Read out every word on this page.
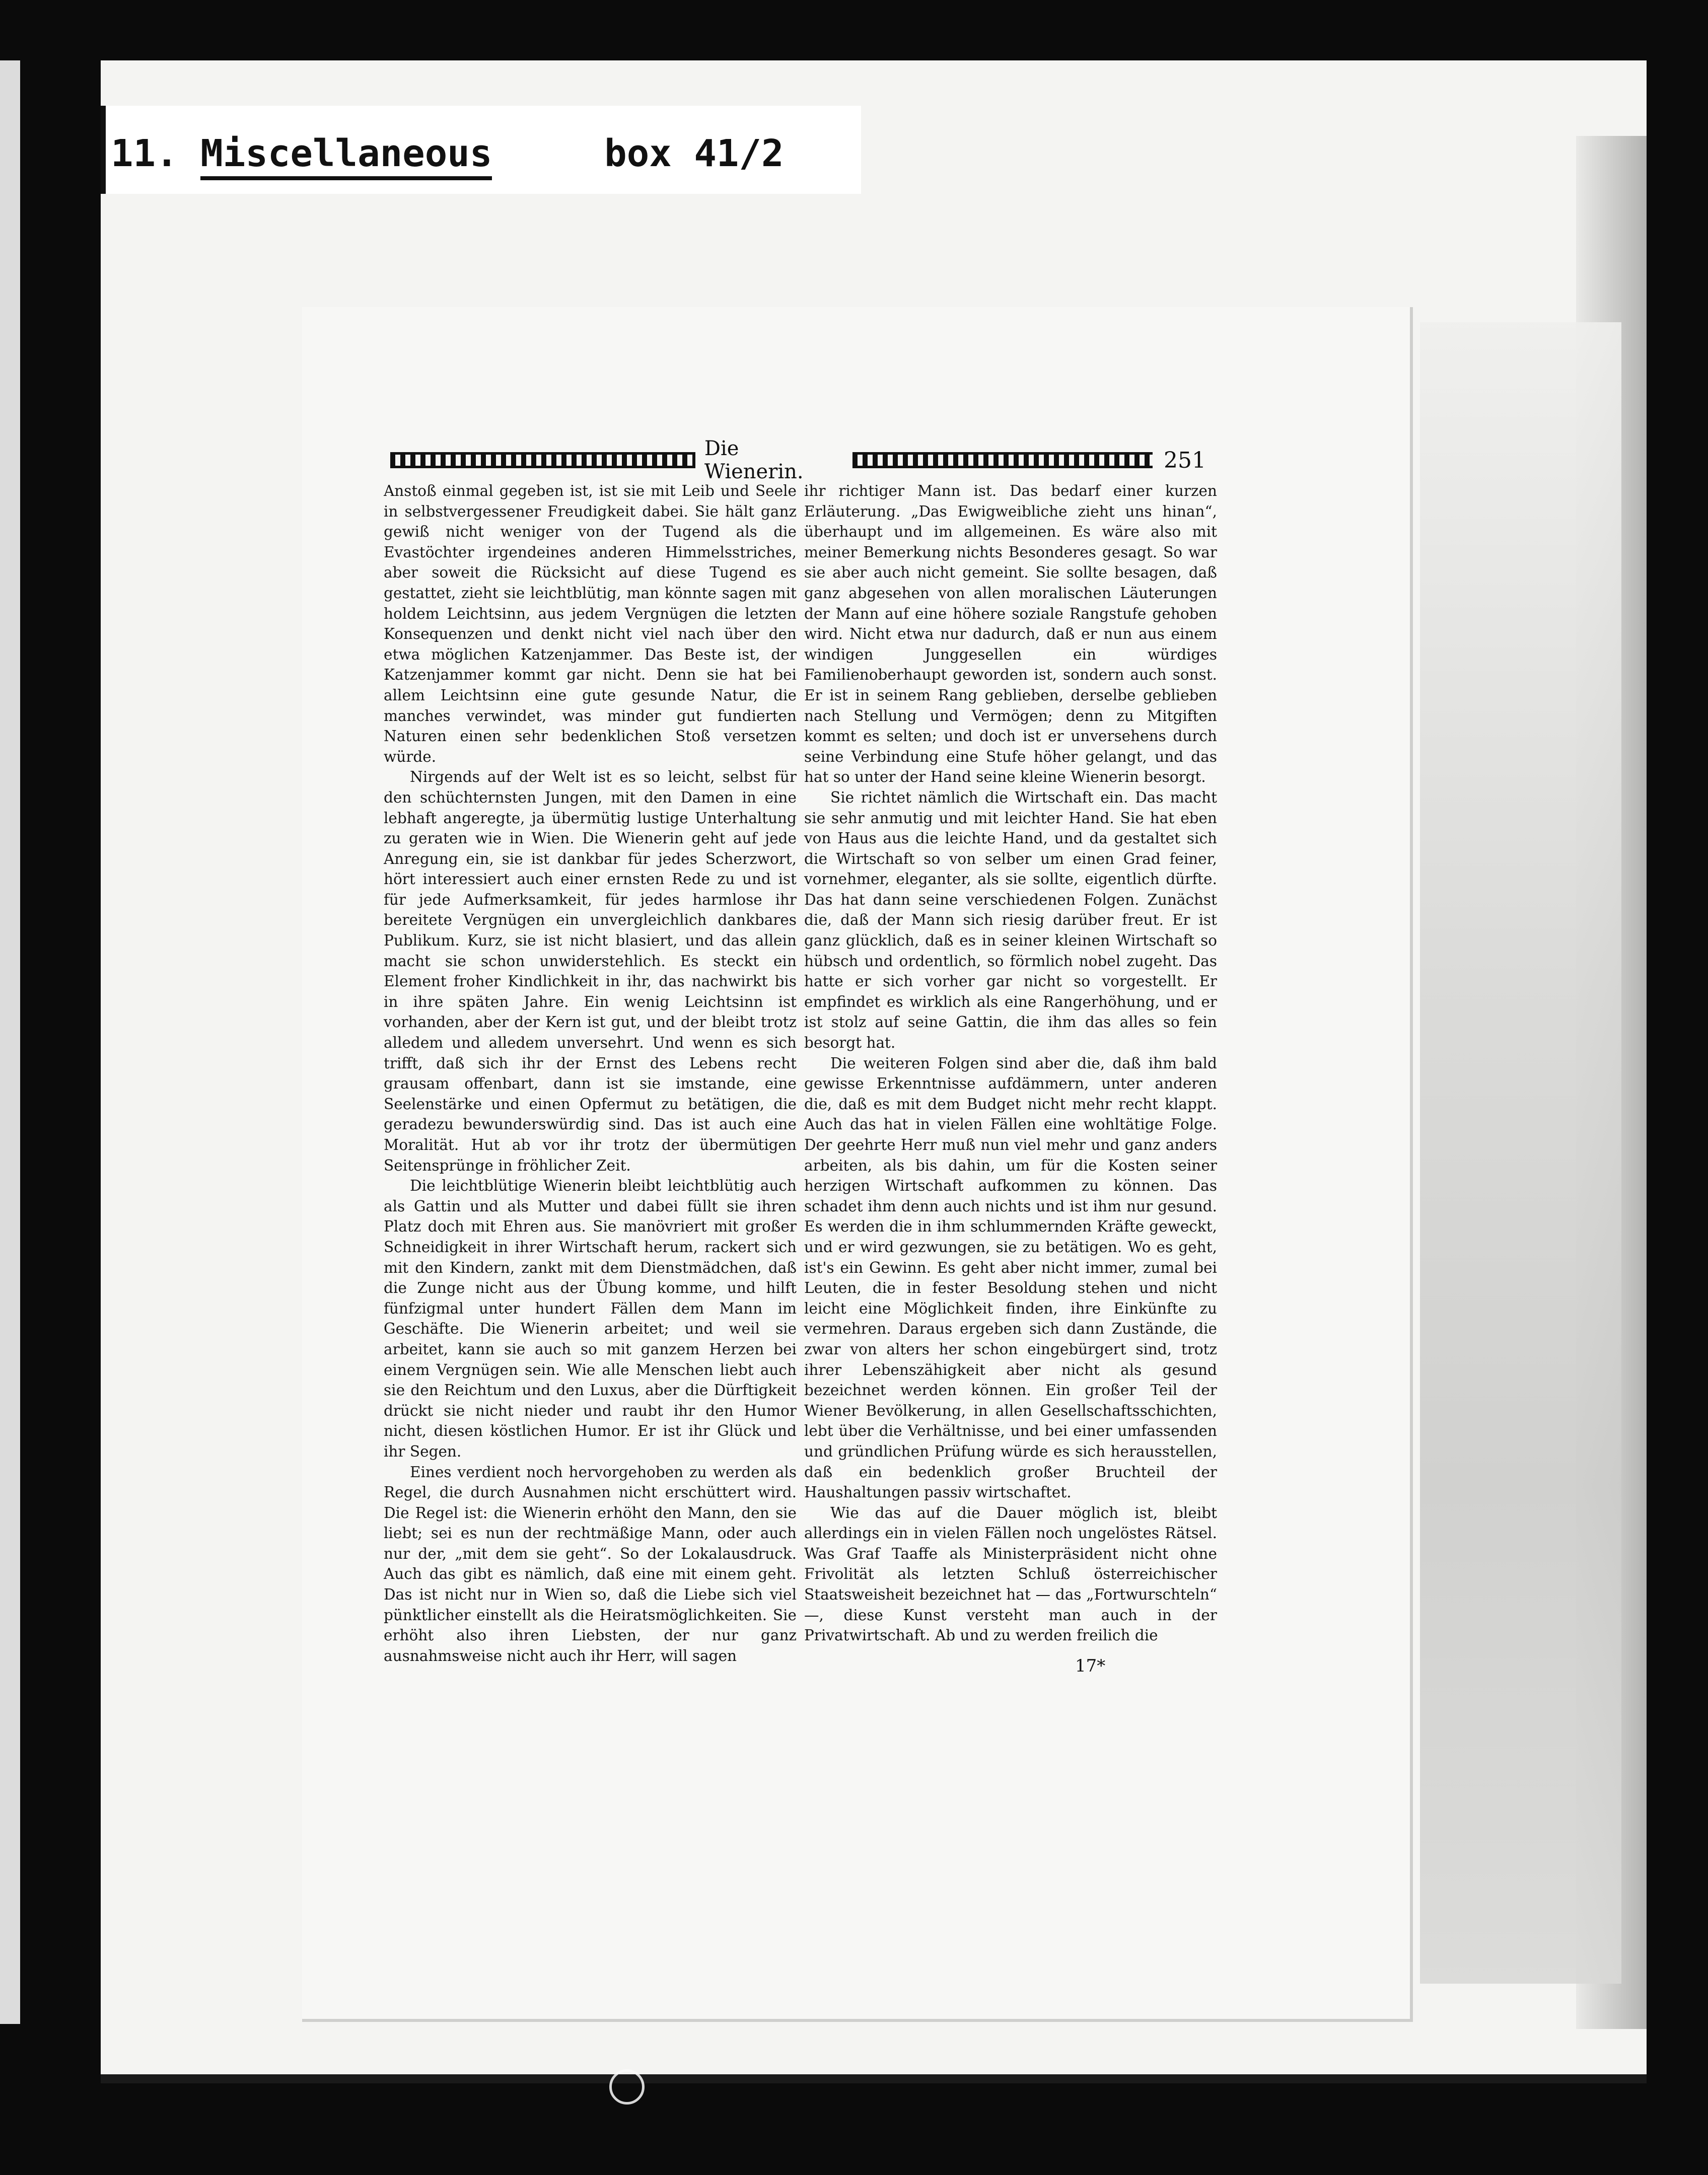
11. Miscellaneous	box 41/2
Die Wienerin.	251

Anstoß einmal gegeben ist, ist sie mit Leib und Seele in selbstvergessener Freudigkeit dabei. Sie hält ganz gewiß nicht weniger von der Tugend als die Evastöchter irgendeines anderen Himmelsstriches, aber soweit die Rücksicht auf diese Tugend es gestattet, zieht sie leichtblütig, man könnte sagen mit holdem Leichtsinn, aus jedem Vergnügen die letzten Konsequenzen und denkt nicht viel nach über den etwa möglichen Katzenjammer. Das Beste ist, der Katzenjammer kommt gar nicht. Denn sie hat bei allem Leichtsinn eine gute gesunde Natur, die manches verwindet, was minder gut fundierten Naturen einen sehr bedenklichen Stoß versetzen würde.

Nirgends auf der Welt ist es so leicht, selbst für den schüchternsten Jungen, mit den Damen in eine lebhaft angeregte, ja übermütig lustige Unterhaltung zu geraten wie in Wien. Die Wienerin geht auf jede Anregung ein, sie ist dankbar für jedes Scherzwort, hört interessiert auch einer ernsten Rede zu und ist für jede Aufmerksamkeit, für jedes harmlose ihr bereitete Vergnügen ein unvergleichlich dankbares Publikum. Kurz, sie ist nicht blasiert, und das allein macht sie schon unwiderstehlich. Es steckt ein Element froher Kindlichkeit in ihr, das nachwirkt bis in ihre späten Jahre. Ein wenig Leichtsinn ist vorhanden, aber der Kern ist gut, und der bleibt trotz alledem und alledem unversehrt. Und wenn es sich trifft, daß sich ihr der Ernst des Lebens recht grausam offenbart, dann ist sie imstande, eine Seelenstärke und einen Opfermut zu betätigen, die geradezu bewunderswürdig sind. Das ist auch eine Moralität. Hut ab vor ihr trotz der übermütigen Seitensprünge in fröhlicher Zeit.

Die leichtblütige Wienerin bleibt leichtblütig auch als Gattin und als Mutter und dabei füllt sie ihren Platz doch mit Ehren aus. Sie manövriert mit großer Schneidigkeit in ihrer Wirtschaft herum, rackert sich mit den Kindern, zankt mit dem Dienstmädchen, daß die Zunge nicht aus der Übung komme, und hilft fünfzigmal unter hundert Fällen dem Mann im Geschäfte. Die Wienerin arbeitet; und weil sie arbeitet, kann sie auch so mit ganzem Herzen bei einem Vergnügen sein. Wie alle Menschen liebt auch sie den Reichtum und den Luxus, aber die Dürftigkeit drückt sie nicht nieder und raubt ihr den Humor nicht, diesen köstlichen Humor. Er ist ihr Glück und ihr Segen.

Eines verdient noch hervorgehoben zu werden als Regel, die durch Ausnahmen nicht erschüttert wird. Die Regel ist: die Wienerin erhöht den Mann, den sie liebt; sei es nun der rechtmäßige Mann, oder auch nur der, „mit dem sie geht“. So der Lokalausdruck. Auch das gibt es nämlich, daß eine mit einem geht. Das ist nicht nur in Wien so, daß die Liebe sich viel pünktlicher einstellt als die Heiratsmöglichkeiten. Sie erhöht also ihren Liebsten, der nur ganz ausnahmsweise nicht auch ihr Herr, will sagen

ihr richtiger Mann ist. Das bedarf einer kurzen Erläuterung. „Das Ewigweibliche zieht uns hinan“, überhaupt und im allgemeinen. Es wäre also mit meiner Bemerkung nichts Besonderes gesagt. So war sie aber auch nicht gemeint. Sie sollte besagen, daß ganz abgesehen von allen moralischen Läuterungen der Mann auf eine höhere soziale Rangstufe gehoben wird. Nicht etwa nur dadurch, daß er nun aus einem windigen Junggesellen ein würdiges Familienoberhaupt geworden ist, sondern auch sonst. Er ist in seinem Rang geblieben, derselbe geblieben nach Stellung und Vermögen; denn zu Mitgiften kommt es selten; und doch ist er unversehens durch seine Verbindung eine Stufe höher gelangt, und das hat so unter der Hand seine kleine Wienerin besorgt.

Sie richtet nämlich die Wirtschaft ein. Das macht sie sehr anmutig und mit leichter Hand. Sie hat eben von Haus aus die leichte Hand, und da gestaltet sich die Wirtschaft so von selber um einen Grad feiner, vornehmer, eleganter, als sie sollte, eigentlich dürfte. Das hat dann seine verschiedenen Folgen. Zunächst die, daß der Mann sich riesig darüber freut. Er ist ganz glücklich, daß es in seiner kleinen Wirtschaft so hübsch und ordentlich, so förmlich nobel zugeht. Das hatte er sich vorher gar nicht so vorgestellt. Er empfindet es wirklich als eine Rangerhöhung, und er ist stolz auf seine Gattin, die ihm das alles so fein besorgt hat.

Die weiteren Folgen sind aber die, daß ihm bald gewisse Erkenntnisse aufdämmern, unter anderen die, daß es mit dem Budget nicht mehr recht klappt. Auch das hat in vielen Fällen eine wohltätige Folge. Der geehrte Herr muß nun viel mehr und ganz anders arbeiten, als bis dahin, um für die Kosten seiner herzigen Wirtschaft aufkommen zu können. Das schadet ihm denn auch nichts und ist ihm nur gesund. Es werden die in ihm schlummernden Kräfte geweckt, und er wird gezwungen, sie zu betätigen. Wo es geht, ist's ein Gewinn. Es geht aber nicht immer, zumal bei Leuten, die in fester Besoldung stehen und nicht leicht eine Möglichkeit finden, ihre Einkünfte zu vermehren. Daraus ergeben sich dann Zustände, die zwar von alters her schon eingebürgert sind, trotz ihrer Lebenszähigkeit aber nicht als gesund bezeichnet werden können. Ein großer Teil der Wiener Bevölkerung, in allen Gesellschaftsschichten, lebt über die Verhältnisse, und bei einer umfassenden und gründlichen Prüfung würde es sich herausstellen, daß ein bedenklich großer Bruchteil der Haushaltungen passiv wirtschaftet.

Wie das auf die Dauer möglich ist, bleibt allerdings ein in vielen Fällen noch ungelöstes Rätsel. Was Graf Taaffe als Ministerpräsident nicht ohne Frivolität als letzten Schluß österreichischer Staatsweisheit bezeichnet hat — das „Fortwurschteln“ —, diese Kunst versteht man auch in der Privatwirtschaft. Ab und zu werden freilich die

17*
